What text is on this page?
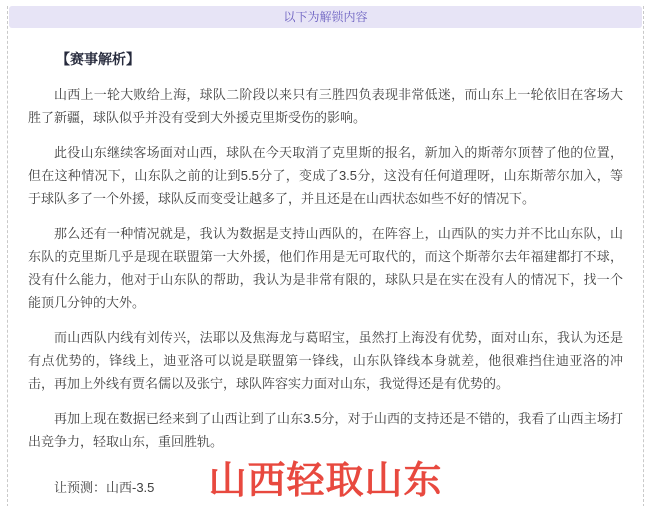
以下为解锁内容
【赛事解析】

山西上一轮大败给上海，球队二阶段以来只有三胜四负表现非常低迷，而山东上一轮依旧在客场大胜了新疆，球队似乎并没有受到大外援克里斯受伤的影响。

此役山东继续客场面对山西，球队在今天取消了克里斯的报名，新加入的斯蒂尔顶替了他的位置，但在这种情况下，山东队之前的让到5.5分了，变成了3.5分，这没有任何道理呀，山东斯蒂尔加入，等于球队多了一个外援，球队反而变受让越多了，并且还是在山西状态如些不好的情况下。

那么还有一种情况就是，我认为数据是支持山西队的，在阵容上，山西队的实力并不比山东队，山东队的克里斯几乎是现在联盟第一大外援，他们作用是无可取代的，而这个斯蒂尔去年福建都打不球，没有什么能力，他对于山东队的帮助，我认为是非常有限的，球队只是在实在没有人的情况下，找一个能顶几分钟的大外。

而山西队内线有刘传兴，法耶以及焦海龙与葛昭宝，虽然打上海没有优势，面对山东，我认为还是有点优势的，锋线上，迪亚洛可以说是联盟第一锋线，山东队锋线本身就差，他很难挡住迪亚洛的冲击，再加上外线有贾名儒以及张宁，球队阵容实力面对山东，我觉得还是有优势的。

再加上现在数据已经来到了山西让到了山东3.5分，对于山西的支持还是不错的，我看了山西主场打出竞争力，轻取山东，重回胜轨。

山西轻取山东
让预测：山西-3.5
